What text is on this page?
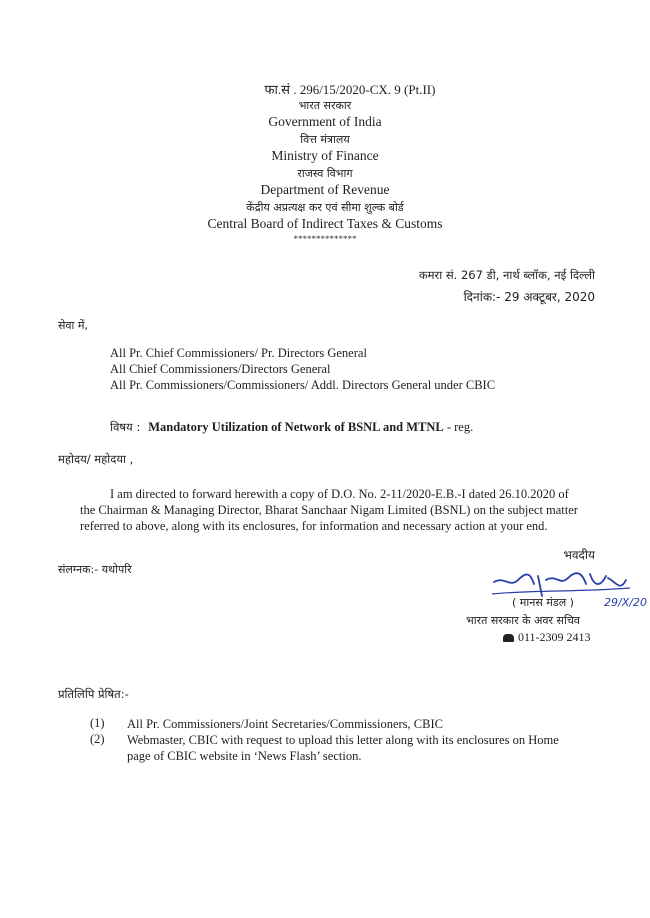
फा.सं . 296/15/2020-CX. 9 (Pt.II)
भारत सरकार
Government of India
वित्त मंत्रालय
Ministry of Finance
राजस्व विभाग
Department of Revenue
केंद्रीय अप्रत्यक्ष कर एवं सीमा शुल्क बोर्ड
Central Board of Indirect Taxes & Customs
**************
कमरा सं. 267 डी, नार्थ ब्लॉक, नई दिल्ली
दिनांक:- 29 अक्टूबर, 2020
सेवा में,
All Pr. Chief Commissioners/ Pr. Directors General
All Chief Commissioners/Directors General
All Pr. Commissioners/Commissioners/ Addl. Directors General under CBIC
विषय : Mandatory Utilization of Network of BSNL and MTNL - reg.
महोदय/ महोदया ,
I am directed to forward herewith a copy of D.O. No. 2-11/2020-E.B.-I dated 26.10.2020 of
the Chairman & Managing Director, Bharat Sanchaar Nigam Limited (BSNL) on the subject matter
referred to above, along with its enclosures, for information and necessary action at your end.
भवदीय
संलग्नक:- यथोपरि
29/X/20
( मानस मंडल )
भारत सरकार के अवर सचिव
011-2309 2413
प्रतिलिपि प्रेषित:-
(1) All Pr. Commissioners/Joint Secretaries/Commissioners, CBIC
(2) Webmaster, CBIC with request to upload this letter along with its enclosures on Home
page of CBIC website in ‘News Flash’ section.
